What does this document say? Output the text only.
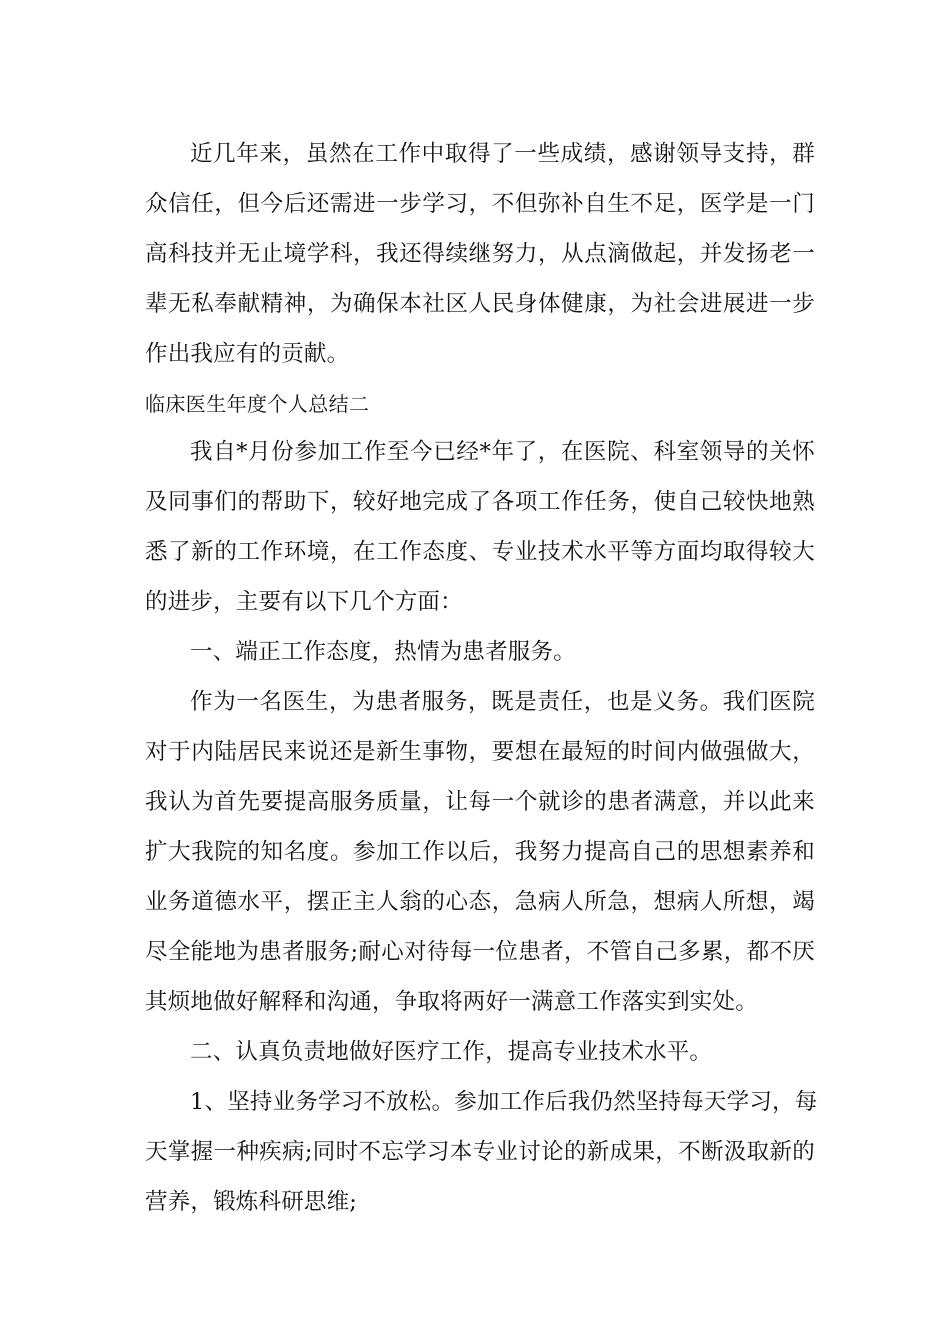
近几年来，虽然在工作中取得了一些成绩，感谢领导支持，群
众信任，但今后还需进一步学习，不但弥补自生不足，医学是一门
高科技并无止境学科，我还得续继努力，从点滴做起，并发扬老一
辈无私奉献精神，为确保本社区人民身体健康，为社会进展进一步
作出我应有的贡献。
临床医生年度个人总结二
我自*月份参加工作至今已经*年了，在医院、科室领导的关怀
及同事们的帮助下，较好地完成了各项工作任务，使自己较快地熟
悉了新的工作环境，在工作态度、专业技术水平等方面均取得较大
的进步，主要有以下几个方面：
一、端正工作态度，热情为患者服务。
作为一名医生，为患者服务，既是责任，也是义务。我们医院
对于内陆居民来说还是新生事物，要想在最短的时间内做强做大，
我认为首先要提高服务质量，让每一个就诊的患者满意，并以此来
扩大我院的知名度。参加工作以后，我努力提高自己的思想素养和
业务道德水平，摆正主人翁的心态，急病人所急，想病人所想，竭
尽全能地为患者服务;耐心对待每一位患者，不管自己多累，都不厌
其烦地做好解释和沟通，争取将两好一满意工作落实到实处。
二、认真负责地做好医疗工作，提高专业技术水平。
1、坚持业务学习不放松。参加工作后我仍然坚持每天学习，每
天掌握一种疾病;同时不忘学习本专业讨论的新成果，不断汲取新的
营养，锻炼科研思维;
